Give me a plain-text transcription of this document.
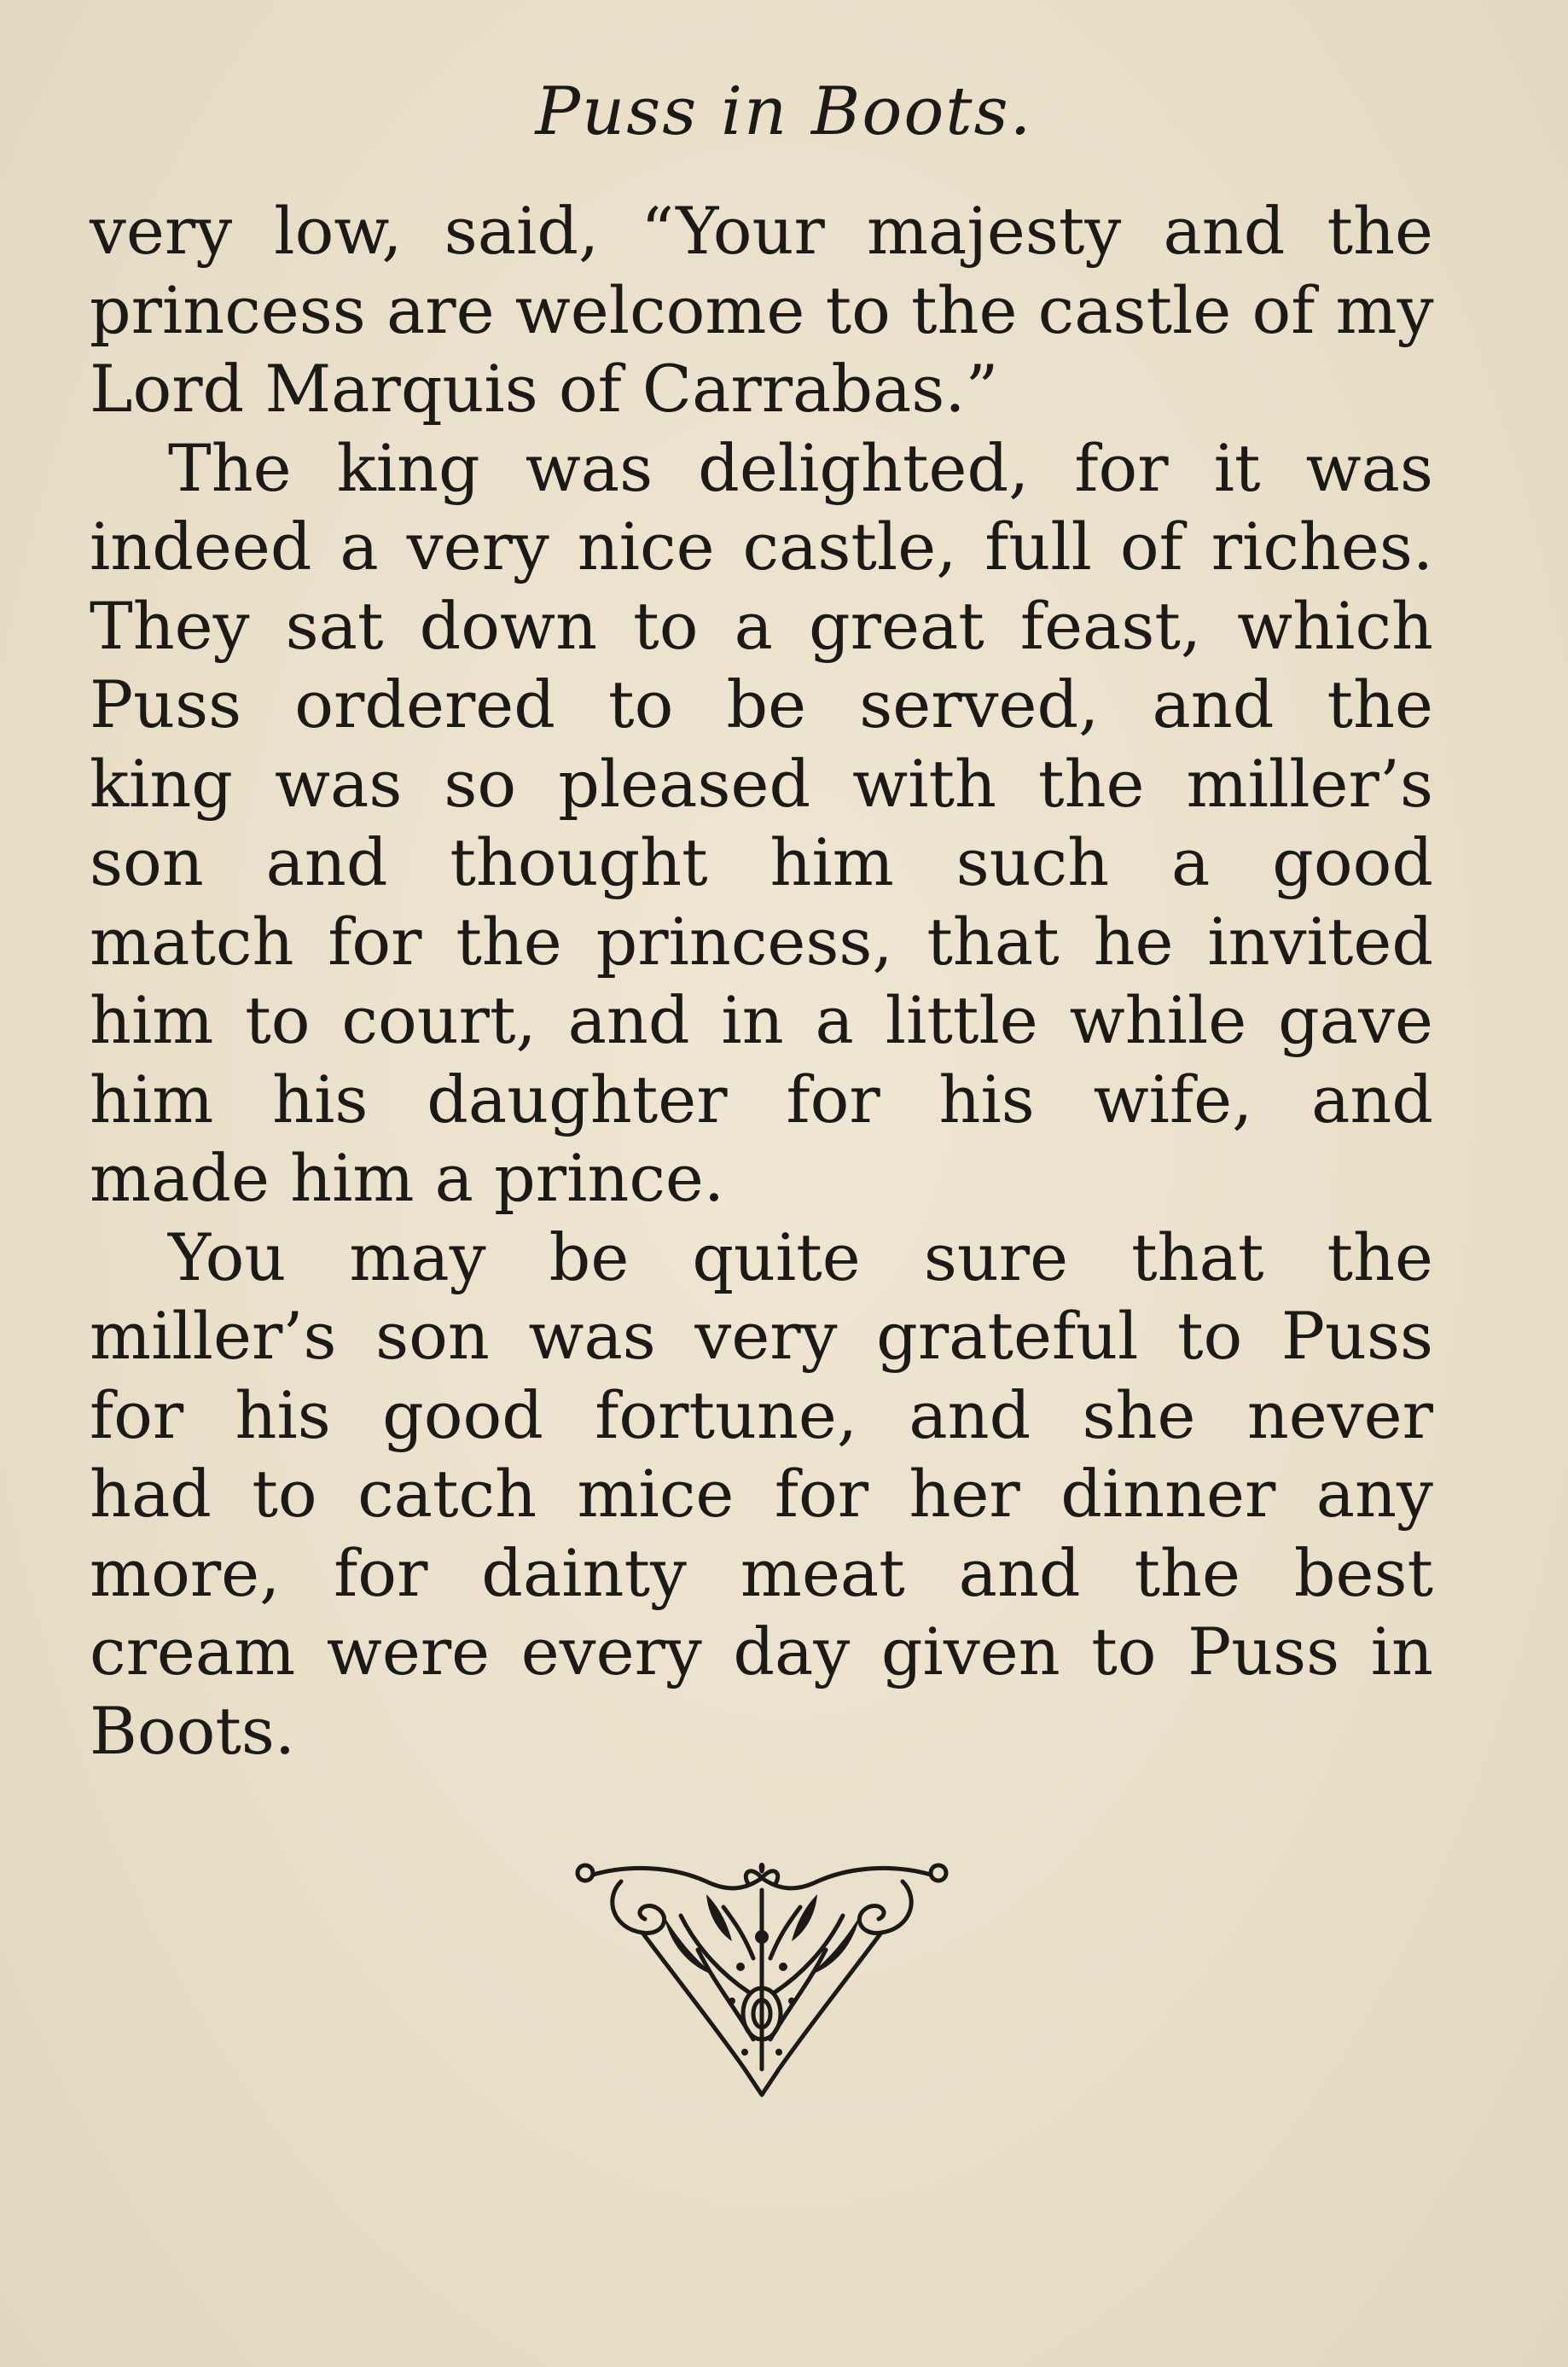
Puss in Boots.
very low, said, “Your majesty and the
princess are welcome to the castle of my
Lord Marquis of Carrabas.”
The king was delighted, for it was
indeed a very nice castle, full of riches.
They sat down to a great feast, which
Puss ordered to be served, and the
king was so pleased with the miller’s
son and thought him such a good
match for the princess, that he invited
him to court, and in a little while gave
him his daughter for his wife, and
made him a prince.
You may be quite sure that the
miller’s son was very grateful to Puss
for his good fortune, and she never
had to catch mice for her dinner any
more, for dainty meat and the best
cream were every day given to Puss in
Boots.
